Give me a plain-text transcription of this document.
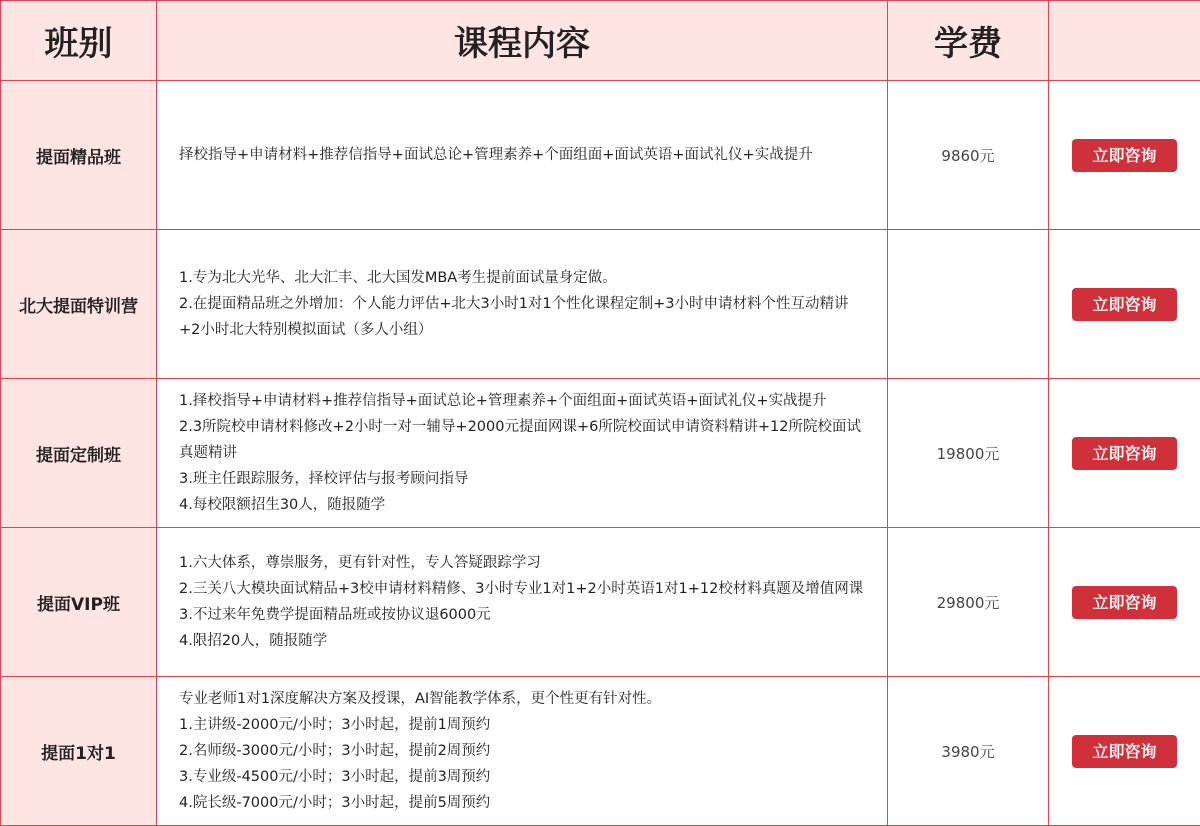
班别	课程内容	学费	
提面精品班	择校指导+申请材料+推荐信指导+面试总论+管理素养+个面组面+面试英语+面试礼仪+实战提升	9860元	立即咨询
北大提面特训营	1.专为北大光华、北大汇丰、北大国发MBA考生提前面试量身定做。
2.在提面精品班之外增加：个人能力评估+北大3小时1对1个性化课程定制+3小时申请材料个性互动精讲+2小时北大特别模拟面试（多人小组）		立即咨询
提面定制班	1.择校指导+申请材料+推荐信指导+面试总论+管理素养+个面组面+面试英语+面试礼仪+实战提升
2.3所院校申请材料修改+2小时一对一辅导+2000元提面网课+6所院校面试申请资料精讲+12所院校面试真题精讲
3.班主任跟踪服务，择校评估与报考顾问指导
4.每校限额招生30人，随报随学	19800元	立即咨询
提面VIP班	1.六大体系，尊崇服务，更有针对性，专人答疑跟踪学习
2.三关八大模块面试精品+3校申请材料精修、3小时专业1对1+2小时英语1对1+12校材料真题及增值网课
3.不过来年免费学提面精品班或按协议退6000元
4.限招20人，随报随学	29800元	立即咨询
提面1对1	专业老师1对1深度解决方案及授课，AI智能教学体系，更个性更有针对性。
1.主讲级-2000元/小时；3小时起，提前1周预约
2.名师级-3000元/小时；3小时起，提前2周预约
3.专业级-4500元/小时；3小时起，提前3周预约
4.院长级-7000元/小时；3小时起，提前5周预约	3980元	立即咨询
